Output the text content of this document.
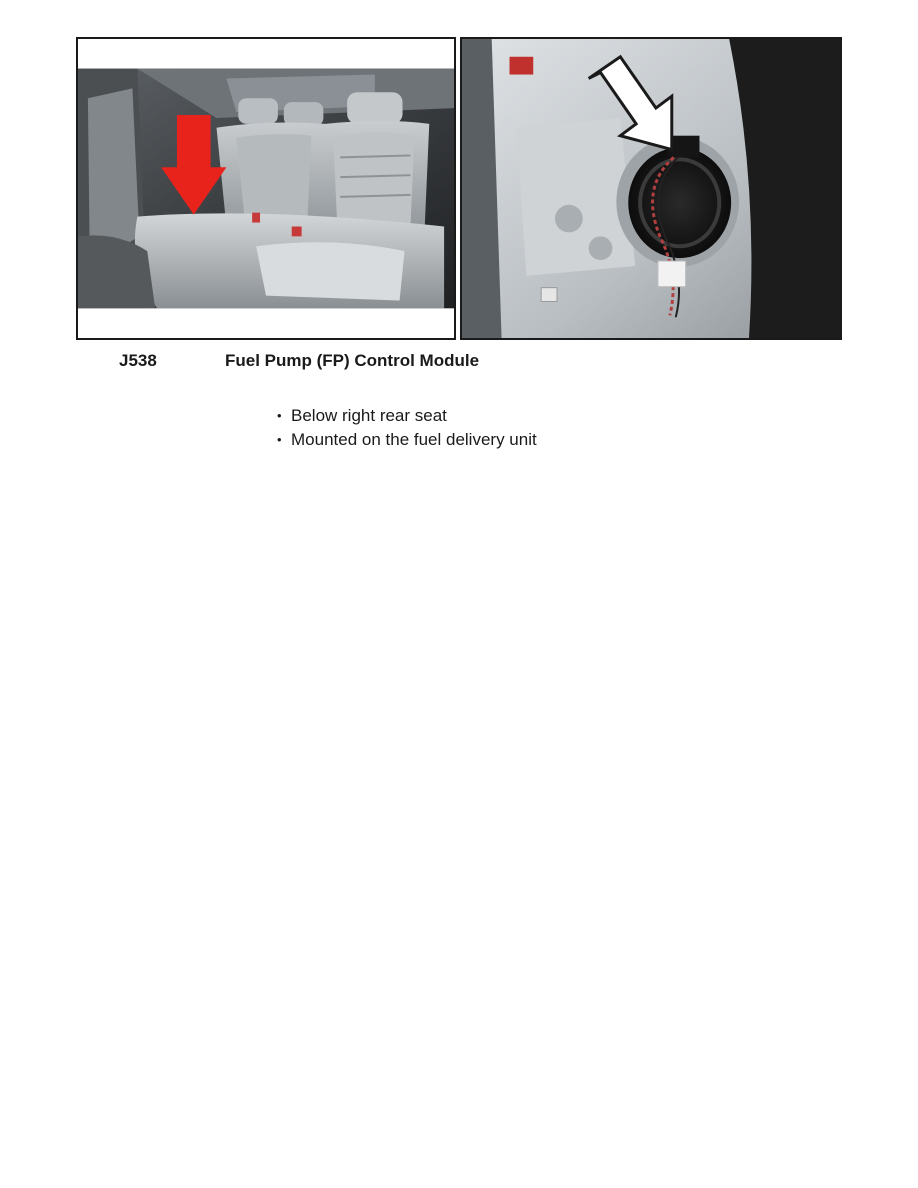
J538	Fuel Pump (FP) Control Module
• Below right rear seat
• Mounted on the fuel delivery unit
